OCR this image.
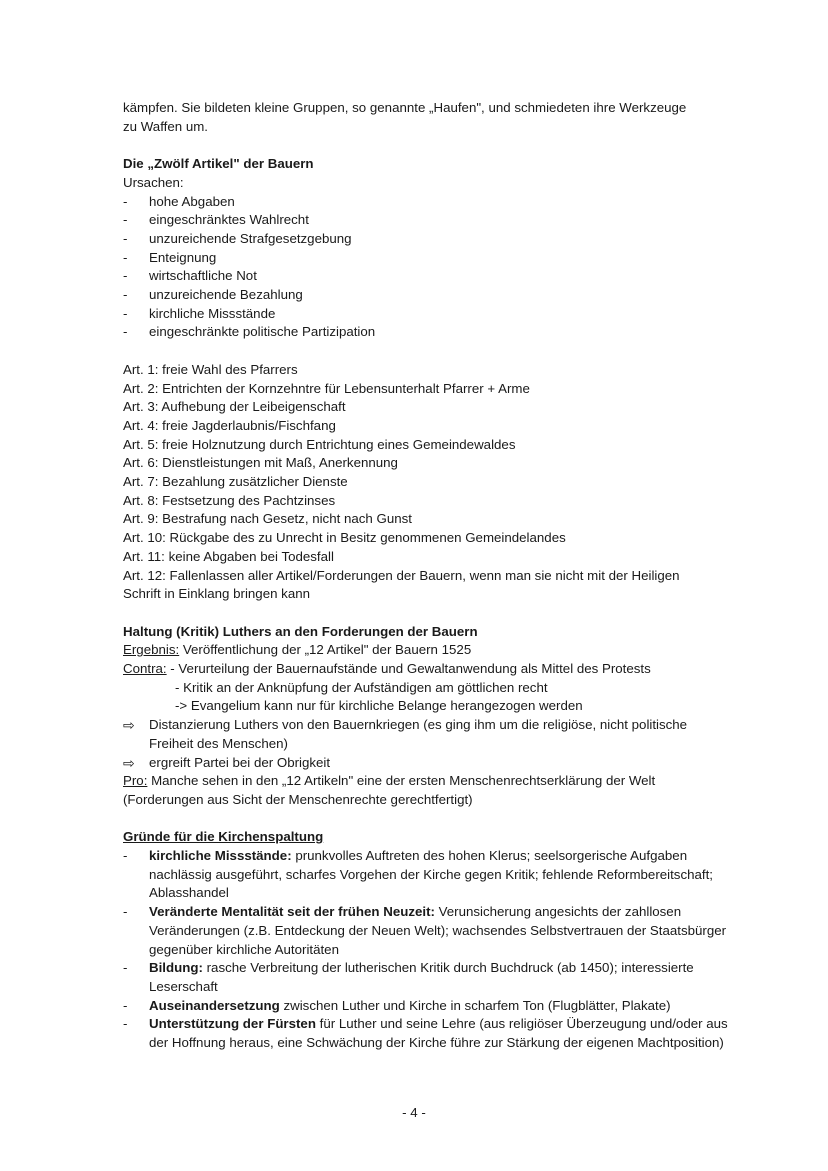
kämpfen. Sie bildeten kleine Gruppen, so genannte „Haufen", und schmiedeten ihre Werkzeuge
zu Waffen um.
Die „Zwölf Artikel" der Bauern
Ursachen:
- hohe Abgaben
- eingeschränktes Wahlrecht
- unzureichende Strafgesetzgebung
- Enteignung
- wirtschaftliche Not
- unzureichende Bezahlung
- kirchliche Missstände
- eingeschränkte politische Partizipation
Art. 1: freie Wahl des Pfarrers
Art. 2: Entrichten der Kornzehntre für Lebensunterhalt Pfarrer + Arme
Art. 3: Aufhebung der Leibeigenschaft
Art. 4: freie Jagderlaubnis/Fischfang
Art. 5: freie Holznutzung durch Entrichtung eines Gemeindewaldes
Art. 6: Dienstleistungen mit Maß, Anerkennung
Art. 7: Bezahlung zusätzlicher Dienste
Art. 8: Festsetzung des Pachtzinses
Art. 9: Bestrafung nach Gesetz, nicht nach Gunst
Art. 10: Rückgabe des zu Unrecht in Besitz genommenen Gemeindelandes
Art. 11: keine Abgaben bei Todesfall
Art. 12: Fallenlassen aller Artikel/Forderungen der Bauern, wenn man sie nicht mit der Heiligen
Schrift in Einklang bringen kann
Haltung (Kritik) Luthers an den Forderungen der Bauern
Ergebnis: Veröffentlichung der „12 Artikel" der Bauern 1525
Contra: - Verurteilung der Bauernaufstände und Gewaltanwendung als Mittel des Protests
- Kritik an der Anknüpfung der Aufständigen am göttlichen recht
-> Evangelium kann nur für kirchliche Belange herangezogen werden
⇨ Distanzierung Luthers von den Bauernkriegen (es ging ihm um die religiöse, nicht politische Freiheit des Menschen)
⇨ ergreift Partei bei der Obrigkeit
Pro: Manche sehen in den „12 Artikeln" eine der ersten Menschenrechtserklärung der Welt
(Forderungen aus Sicht der Menschenrechte gerechtfertigt)
Gründe für die Kirchenspaltung
- kirchliche Missstände: prunkvolles Auftreten des hohen Klerus; seelsorgerische Aufgaben nachlässig ausgeführt, scharfes Vorgehen der Kirche gegen Kritik; fehlende Reformbereitschaft; Ablasshandel
- Veränderte Mentalität seit der frühen Neuzeit: Verunsicherung angesichts der zahllosen Veränderungen (z.B. Entdeckung der Neuen Welt); wachsendes Selbstvertrauen der Staatsbürger gegenüber kirchliche Autoritäten
- Bildung: rasche Verbreitung der lutherischen Kritik durch Buchdruck (ab 1450); interessierte Leserschaft
- Auseinandersetzung zwischen Luther und Kirche in scharfem Ton (Flugblätter, Plakate)
- Unterstützung der Fürsten für Luther und seine Lehre (aus religiöser Überzeugung und/oder aus der Hoffnung heraus, eine Schwächung der Kirche führe zur Stärkung der eigenen Machtposition)
- 4 -
